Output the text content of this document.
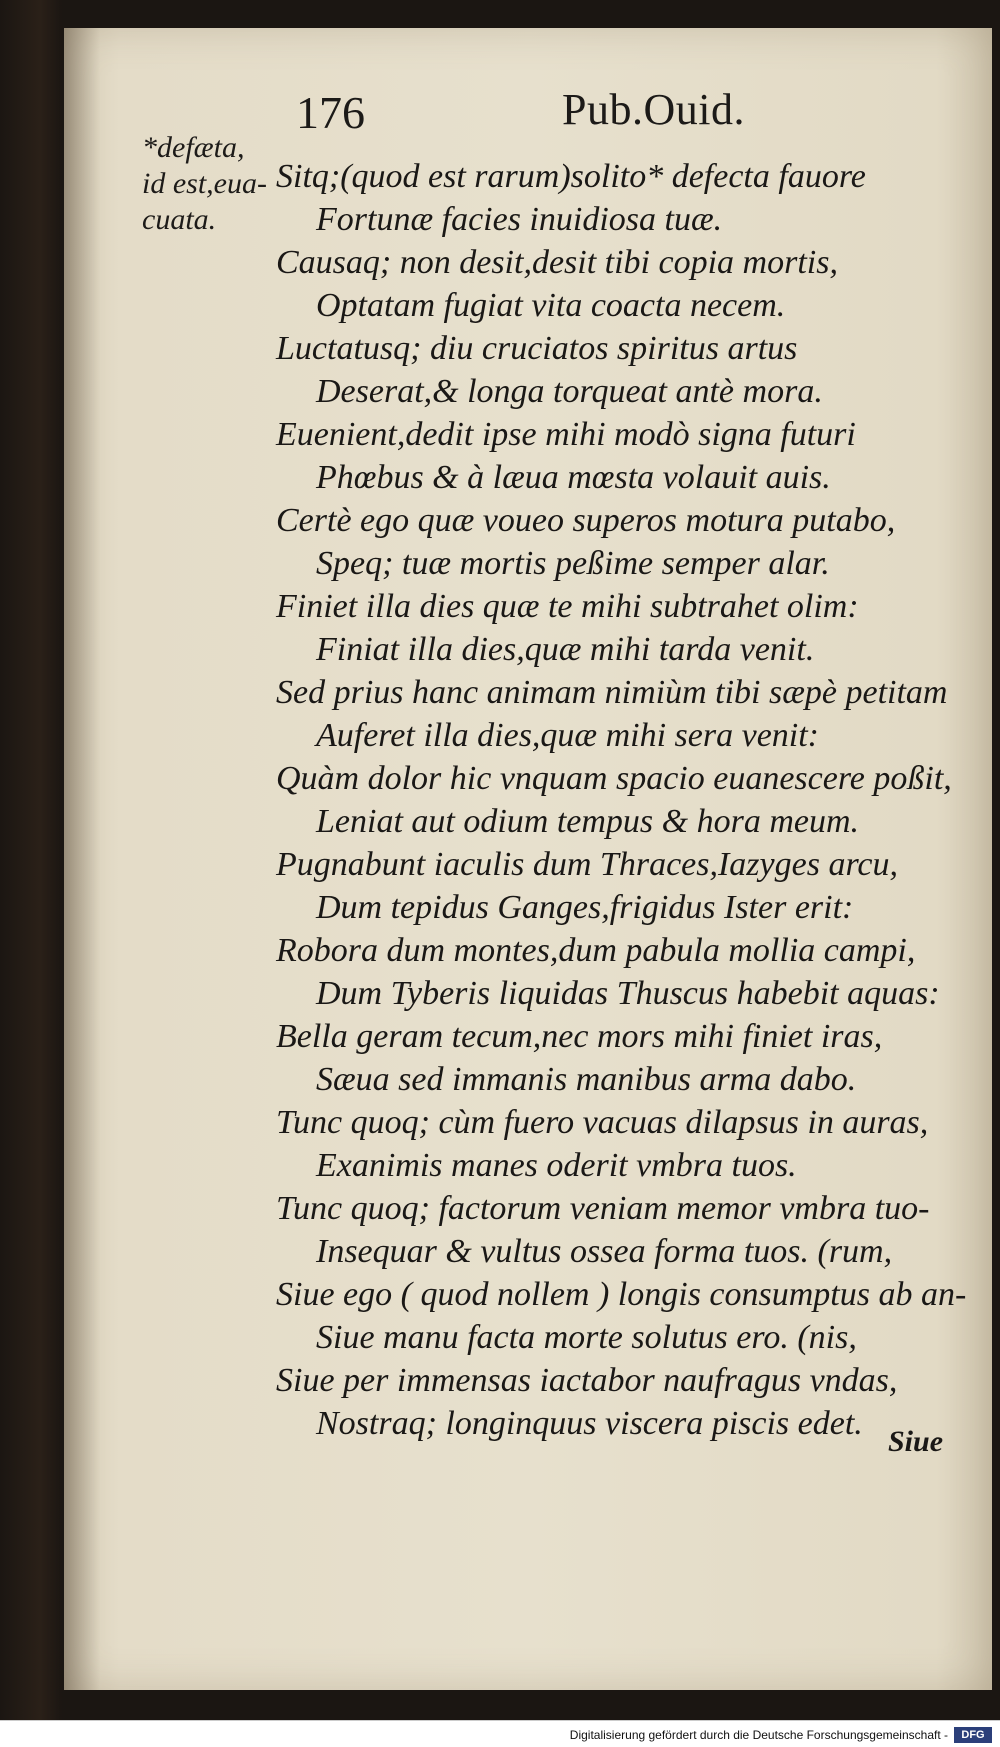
176	Pub.Ouid.
*defæta,
id est,eua-
cuata.
Sitq;(quod est rarum)solito* defecta fauore
Fortunæ facies inuidiosa tuæ.
Causaq; non desit,desit tibi copia mortis,
Optatam fugiat vita coacta necem.
Luctatusq; diu cruciatos spiritus artus
Deserat,& longa torqueat antè mora.
Euenient,dedit ipse mihi modò signa futuri
Phœbus & à læua mœsta volauit auis.
Certè ego quæ voueo superos motura putabo,
Speq; tuæ mortis peßime semper alar.
Finiet illa dies quæ te mihi subtrahet olim:
Finiat illa dies,quæ mihi tarda venit.
Sed prius hanc animam nimiùm tibi sæpè petitam
Auferet illa dies,quæ mihi sera venit:
Quàm dolor hic vnquam spacio euanescere poßit,
Leniat aut odium tempus & hora meum.
Pugnabunt iaculis dum Thraces,Iazyges arcu,
Dum tepidus Ganges,frigidus Ister erit:
Robora dum montes,dum pabula mollia campi,
Dum Tyberis liquidas Thuscus habebit aquas:
Bella geram tecum,nec mors mihi finiet iras,
Sæua sed immanis manibus arma dabo.
Tunc quoq; cùm fuero vacuas dilapsus in auras,
Exanimis manes oderit vmbra tuos.
Tunc quoq; factorum veniam memor vmbra tuo-
Insequar & vultus ossea forma tuos. (rum,
Siue ego ( quod nollem ) longis consumptus ab an-
Siue manu facta morte solutus ero. (nis,
Siue per immensas iactabor naufragus vndas,
Nostraq; longinquus viscera piscis edet. Siue
Digitalisierung gefördert durch die Deutsche Forschungsgemeinschaft -	DFG
